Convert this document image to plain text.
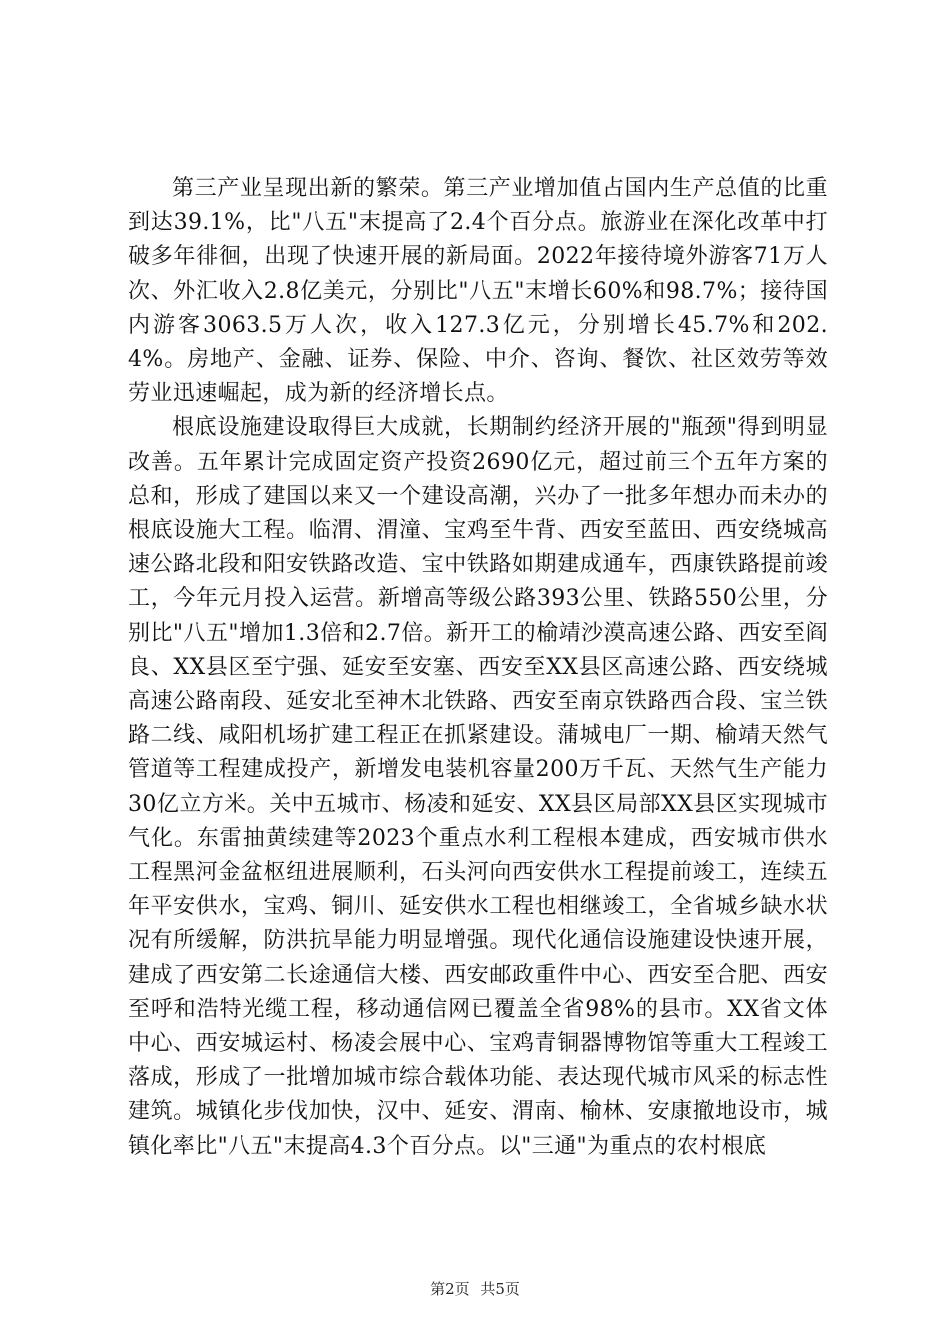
第三产业呈现出新的繁荣。第三产业增加值占国内生产总值的比重到达39.1%，比"八五"末提高了2.4个百分点。旅游业在深化改革中打破多年徘徊，出现了快速开展的新局面。2022年接待境外游客71万人次、外汇收入2.8亿美元，分别比"八五"末增长60%和98.7%；接待国内游客3063.5万人次，收入127.3亿元，分别增长45.7%和202.4%。房地产、金融、证券、保险、中介、咨询、餐饮、社区效劳等效劳业迅速崛起，成为新的经济增长点。

根底设施建设取得巨大成就，长期制约经济开展的"瓶颈"得到明显改善。五年累计完成固定资产投资2690亿元，超过前三个五年方案的总和，形成了建国以来又一个建设高潮，兴办了一批多年想办而未办的根底设施大工程。临渭、渭潼、宝鸡至牛背、西安至蓝田、西安绕城高速公路北段和阳安铁路改造、宝中铁路如期建成通车，西康铁路提前竣工，今年元月投入运营。新增高等级公路393公里、铁路550公里，分别比"八五"增加1.3倍和2.7倍。新开工的榆靖沙漠高速公路、西安至阎良、XX县区至宁强、延安至安塞、西安至XX县区高速公路、西安绕城高速公路南段、延安北至神木北铁路、西安至南京铁路西合段、宝兰铁路二线、咸阳机场扩建工程正在抓紧建设。蒲城电厂一期、榆靖天然气管道等工程建成投产，新增发电装机容量200万千瓦、天然气生产能力30亿立方米。关中五城市、杨凌和延安、XX县区局部XX县区实现城市气化。东雷抽黄续建等2023个重点水利工程根本建成，西安城市供水工程黑河金盆枢纽进展顺利，石头河向西安供水工程提前竣工，连续五年平安供水，宝鸡、铜川、延安供水工程也相继竣工，全省城乡缺水状况有所缓解，防洪抗旱能力明显增强。现代化通信设施建设快速开展，建成了西安第二长途通信大楼、西安邮政重件中心、西安至合肥、西安至呼和浩特光缆工程，移动通信网已覆盖全省98%的县市。XX省文体中心、西安城运村、杨凌会展中心、宝鸡青铜器博物馆等重大工程竣工落成，形成了一批增加城市综合载体功能、表达现代城市风采的标志性建筑。城镇化步伐加快，汉中、延安、渭南、榆林、安康撤地设市，城镇化率比"八五"末提高4.3个百分点。以"三通"为重点的农村根底

第2页 共5页
